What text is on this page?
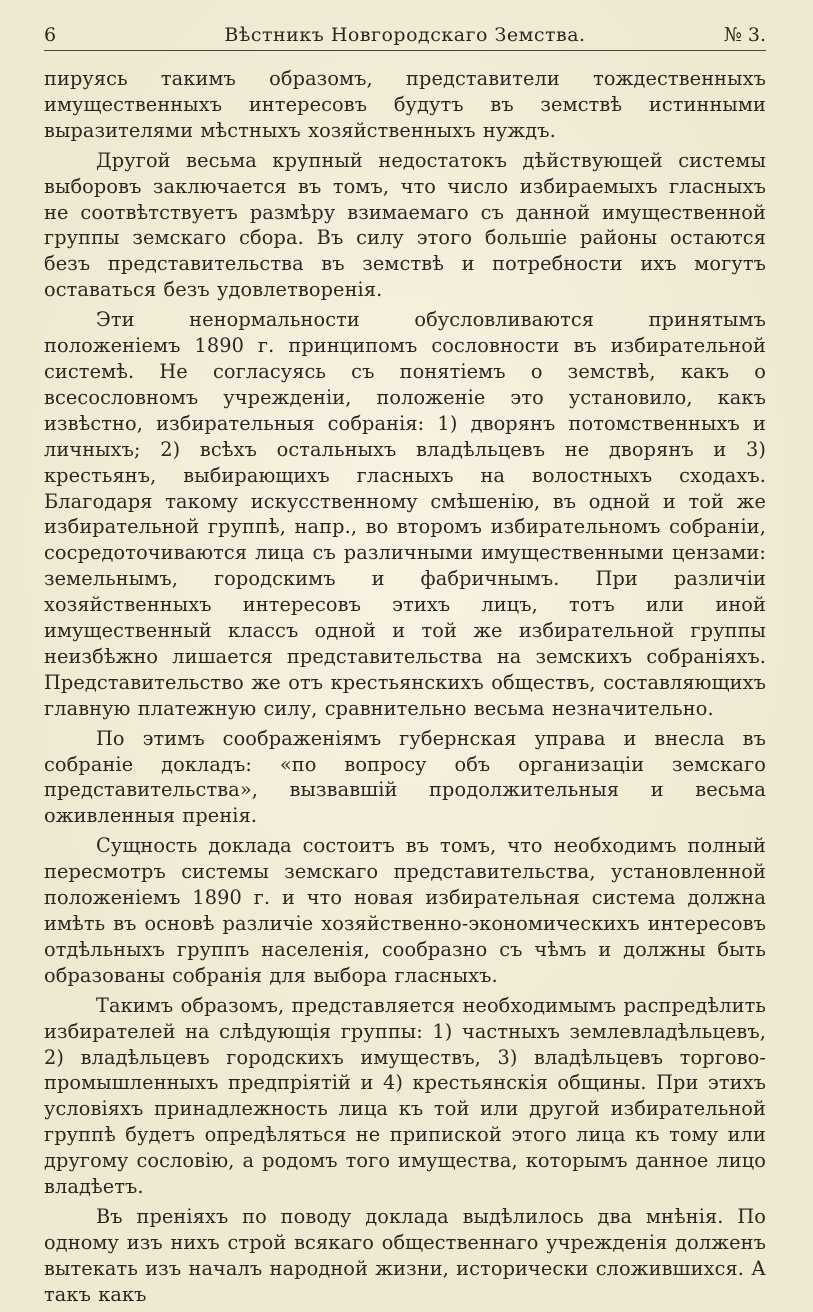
6	Вѣстникъ Новгородскаго Земства.	№ 3.

пируясь такимъ образомъ, представители тождественныхъ имущественныхъ интересовъ будутъ въ земствѣ истинными выразителями мѣстныхъ хозяйственныхъ нуждъ.

Другой весьма крупный недостатокъ дѣйствующей системы выборовъ заключается въ томъ, что число избираемыхъ гласныхъ не соотвѣтствуетъ размѣру взимаемаго съ данной имущественной группы земскаго сбора. Въ силу этого большіе районы остаются безъ представительства въ земствѣ и потребности ихъ могутъ оставаться безъ удовлетворенія.

Эти ненормальности обусловливаются принятымъ положеніемъ 1890 г. принципомъ сословности въ избирательной системѣ. Не согласуясь съ понятіемъ о земствѣ, какъ о всесословномъ учрежденіи, положеніе это установило, какъ извѣстно, избирательныя собранія: 1) дворянъ потомственныхъ и личныхъ; 2) всѣхъ остальныхъ владѣльцевъ не дворянъ и 3) крестьянъ, выбирающихъ гласныхъ на волостныхъ сходахъ. Благодаря такому искусственному смѣшенію, въ одной и той же избирательной группѣ, напр., во второмъ избирательномъ собраніи, сосредоточиваются лица съ различными имущественными цензами: земельнымъ, городскимъ и фабричнымъ. При различіи хозяйственныхъ интересовъ этихъ лицъ, тотъ или иной имущественный классъ одной и той же избирательной группы неизбѣжно лишается представительства на земскихъ собраніяхъ. Представительство же отъ крестьянскихъ обществъ, составляющихъ главную платежную силу, сравнительно весьма незначительно.

По этимъ соображеніямъ губернская управа и внесла въ собраніе докладъ: «по вопросу объ организаціи земскаго представительства», вызвавшій продолжительныя и весьма оживленныя пренія.

Сущность доклада состоитъ въ томъ, что необходимъ полный пересмотръ системы земскаго представительства, установленной положеніемъ 1890 г. и что новая избирательная система должна имѣть въ основѣ различіе хозяйственно-экономическихъ интересовъ отдѣльныхъ группъ населенія, сообразно съ чѣмъ и должны быть образованы собранія для выбора гласныхъ.

Такимъ образомъ, представляется необходимымъ распредѣлить избирателей на слѣдующія группы: 1) частныхъ землевладѣльцевъ, 2) владѣльцевъ городскихъ имуществъ, 3) владѣльцевъ торгово-промышленныхъ предпріятій и 4) крестьянскія общины. При этихъ условіяхъ принадлежность лица къ той или другой избирательной группѣ будетъ опредѣляться не припиской этого лица къ тому или другому сословію, а родомъ того имущества, которымъ данное лицо владѣетъ.

Въ преніяхъ по поводу доклада выдѣлилось два мнѣнія. По одному изъ нихъ строй всякаго общественнаго учрежденія долженъ вытекать изъ началъ народной жизни, исторически сложившихся. А такъ какъ
